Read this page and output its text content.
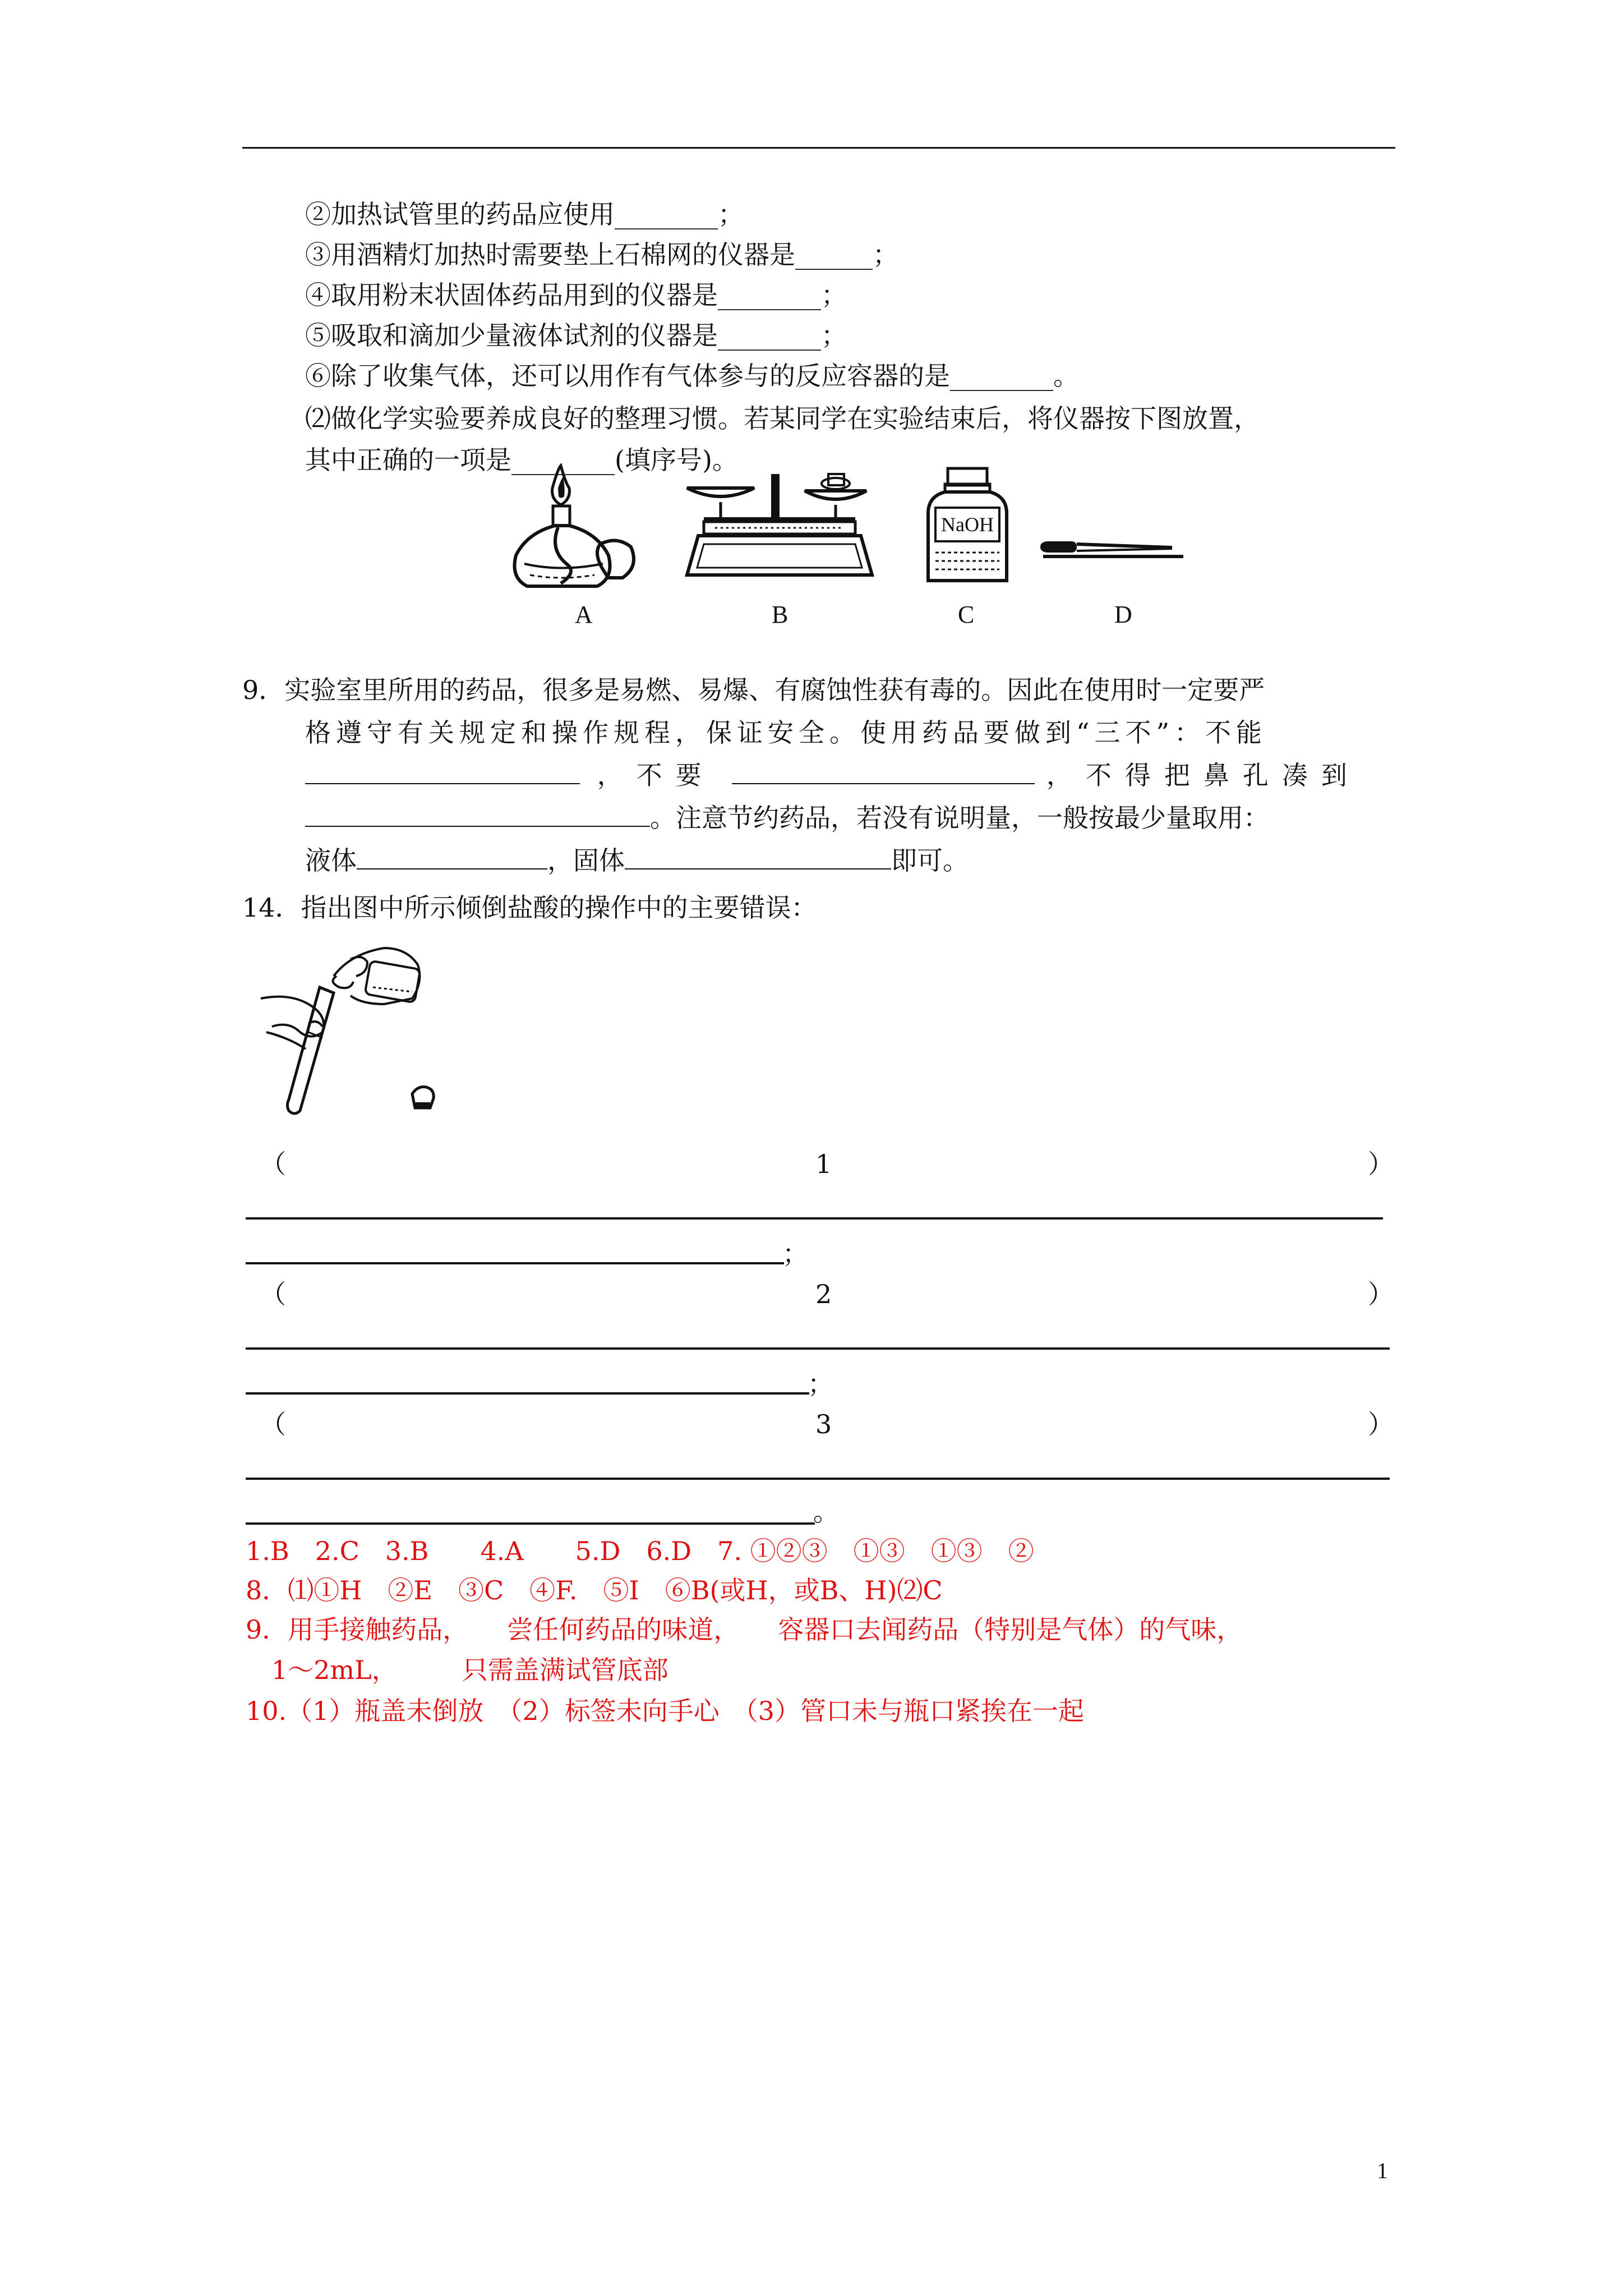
②加热试管里的药品应使用________；
③用酒精灯加热时需要垫上石棉网的仪器是______；
④取用粉末状固体药品用到的仪器是________；
⑤吸取和滴加少量液体试剂的仪器是________；
⑥除了收集气体，还可以用作有气体参与的反应容器的是________。
⑵做化学实验要养成良好的整理习惯。若某同学在实验结束后，将仪器按下图放置，
其中正确的一项是________(填序号)。
NaOH
A	B	C	D
9．实验室里所用的药品，很多是易燃、易爆、有腐蚀性获有毒的。因此在使用时一定要严
格遵守有关规定和操作规程，保证安全。使用药品要做到“三不”：不能
，不要	，不得把鼻孔凑到
。注意节约药品，若没有说明量，一般按最少量取用：
液体	，固体	即可。
14．指出图中所示倾倒盐酸的操作中的主要错误：
（	1	）
；
（	2	）
；
（	3	）
。
1.B　2.C　3.B　　4.A　　5.D　6.D　7. ①②③　①③　①③　②
8．⑴①H　②E　③C　④F.　⑤I　⑥B(或H，或B、H)⑵C
9．用手接触药品，　　尝任何药品的味道，　　容器口去闻药品（特别是气体）的气味，
　1～2mL，　　　只需盖满试管底部
10.（1）瓶盖未倒放　（2）标签未向手心　（3）管口未与瓶口紧挨在一起
1
